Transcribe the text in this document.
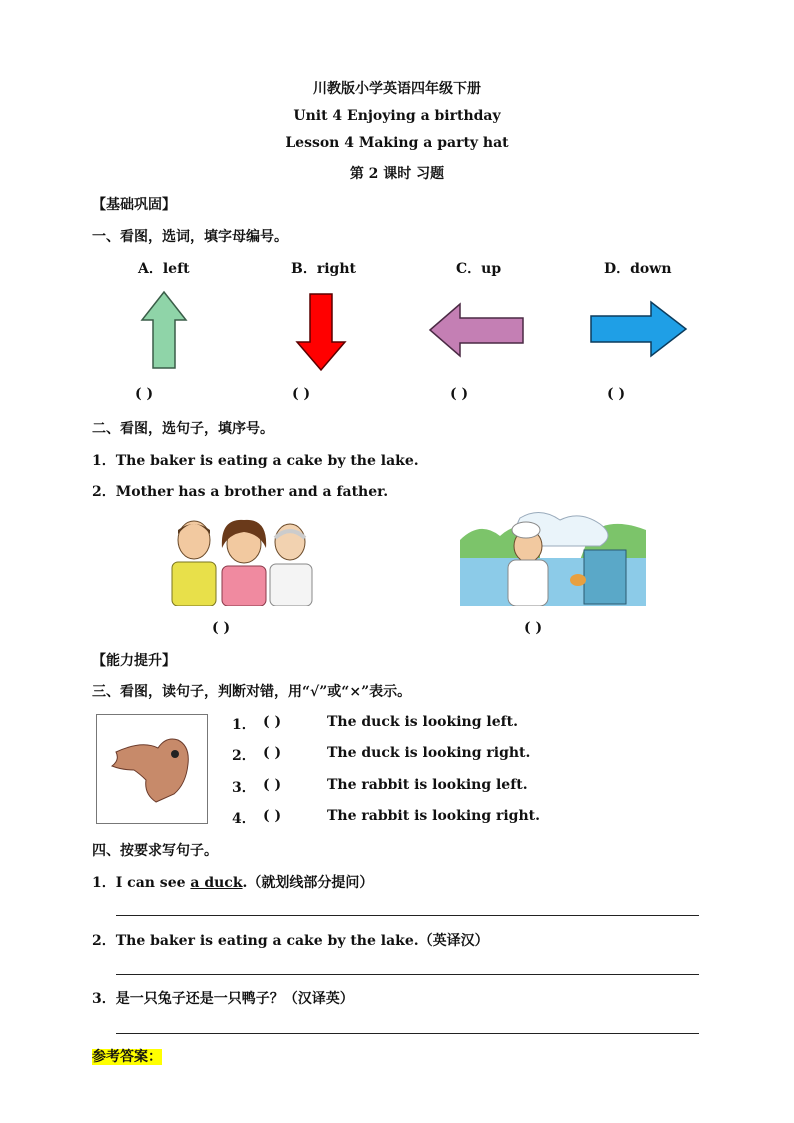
川教版小学英语四年级下册
Unit 4 Enjoying a birthday
Lesson 4 Making a party hat
第 2 课时 习题
【基础巩固】
一、看图，选词，填字母编号。
A．left	B．right	C．up	D．down
( )	( )	( )	( )
二、看图，选句子，填序号。
1．The baker is eating a cake by the lake.
2．Mother has a brother and a father.
( )	( )
【能力提升】
三、看图，读句子，判断对错，用“√”或“×”表示。
1． ( )	The duck is looking left.
2． ( )	The duck is looking right.
3． ( )	The rabbit is looking left.
4． ( )	The rabbit is looking right.
四、按要求写句子。
1．I can see a duck.（就划线部分提问）
2．The baker is eating a cake by the lake.（英译汉）
3．是一只兔子还是一只鸭子？（汉译英）
参考答案：
